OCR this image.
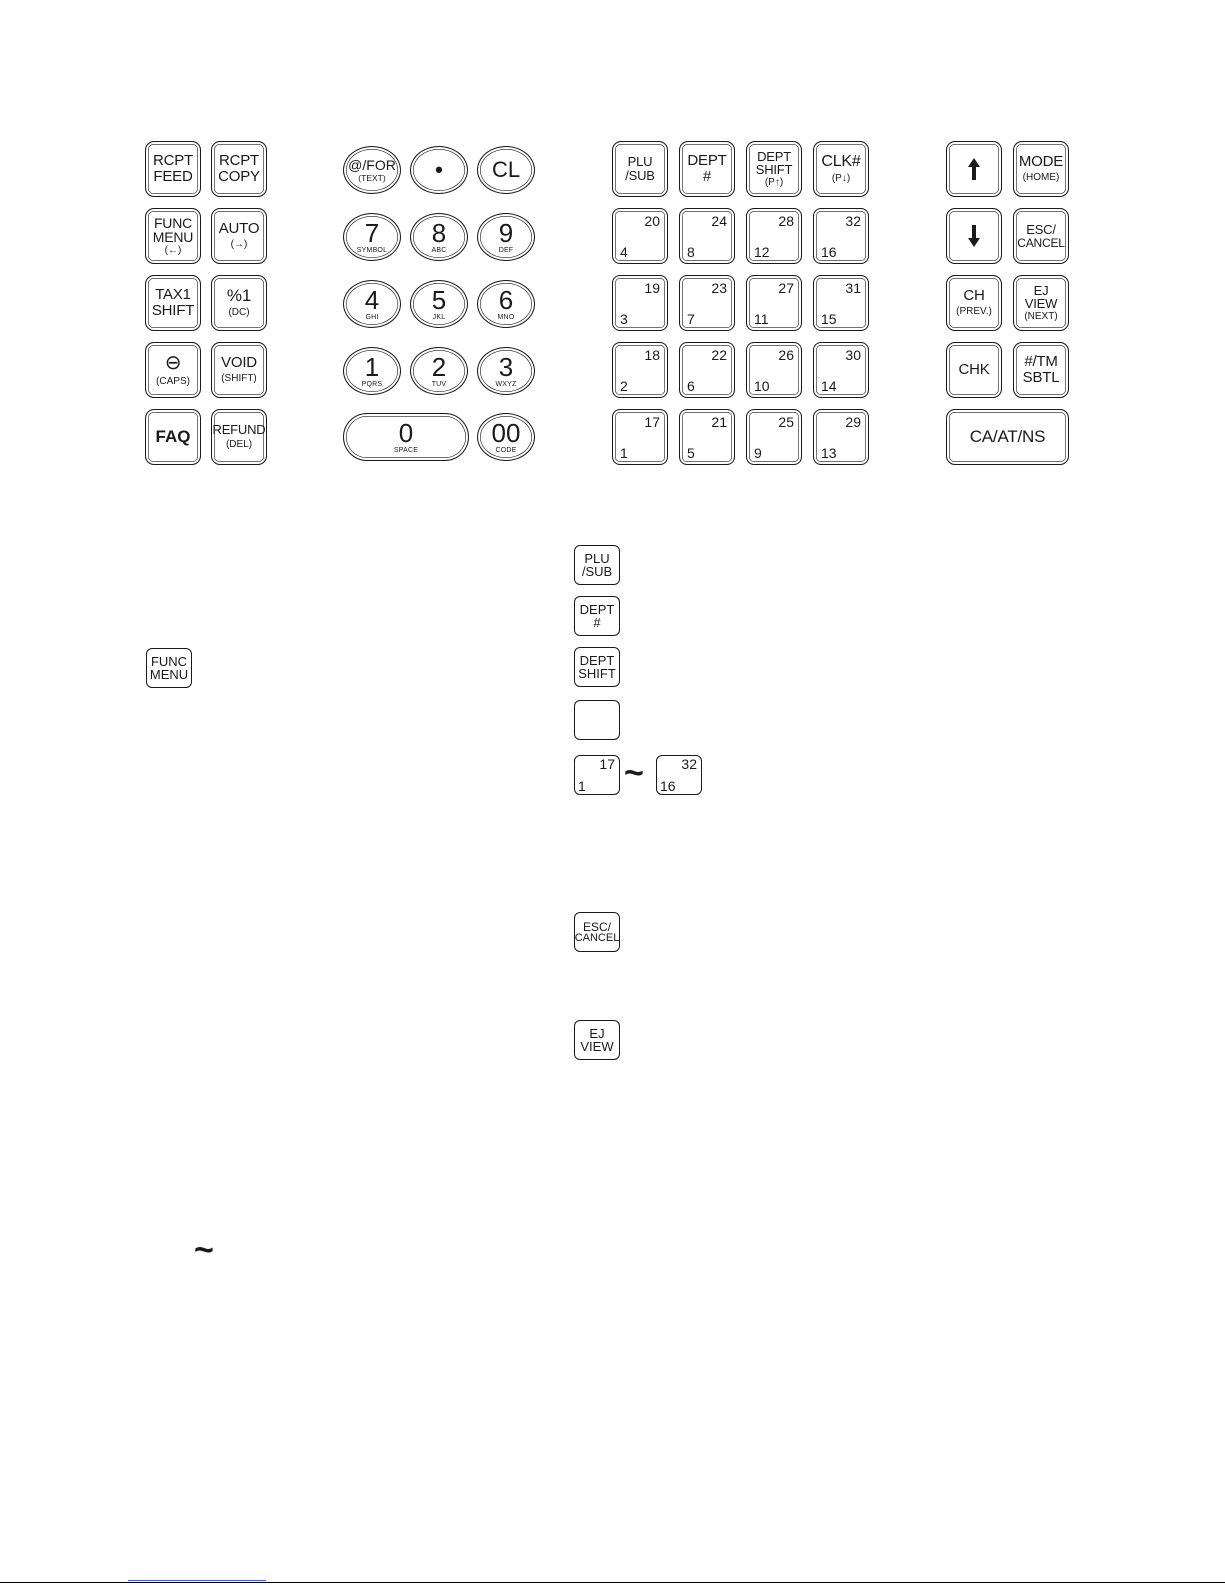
RCPT
FEED
RCPT
COPY
FUNC
MENU
(←)
AUTO
(→)
TAX1
SHIFT
%1
(DC)
⊖
(CAPS)
VOID
(SHIFT)
FAQ REFUND
(DEL)
@/FOR
(TEXT) • CL
7
SYMBOL
8
ABC
9
DEF
4
GHI
5
JKL
6
MNO
1
PQRS
2
TUV
3
WXYZ
0
SPACE
00
CODE
PLU
/SUB
DEPT
#
DEPT
SHIFT
(P↑)
CLK#
(P↓)
20
4
24
8
28
12
32
16
19
3
23
7
27
11
31
15
18
2
22
6
26
10
30
14
17
1
21
5
25
9
29
13
MODE
(HOME)
ESC/
CANCEL
CH
(PREV.)
EJ
VIEW
(NEXT)
CHK #/TM
SBTL
CA/AT/NS
FUNC
MENU
PLU
/SUB
DEPT
#
DEPT
SHIFT
17
1 ~	32
16
ESC/
CANCEL
EJ
VIEW
~
